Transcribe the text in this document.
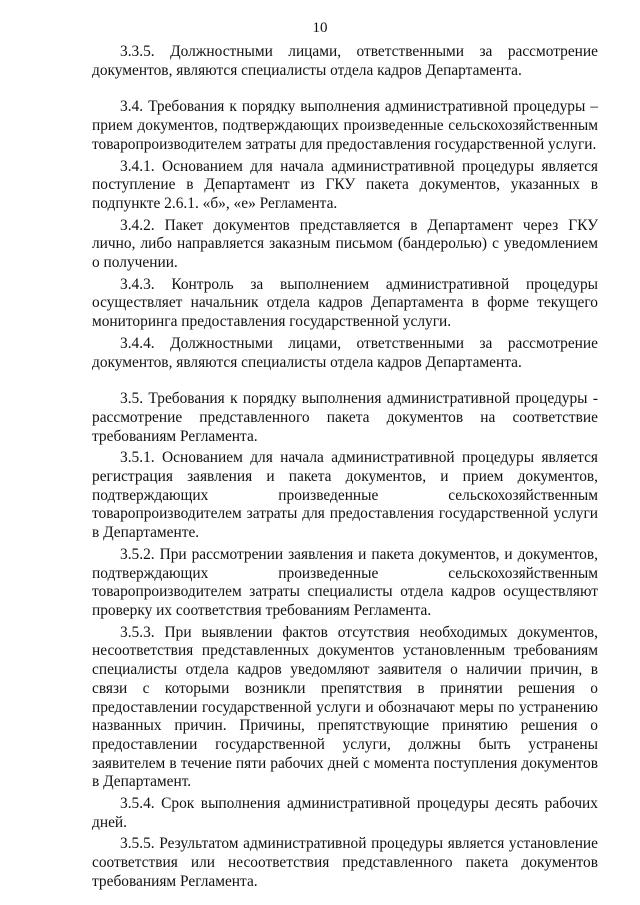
10

3.3.5. Должностными лицами, ответственными за рассмотрение документов, являются специалисты отдела кадров Департамента.

3.4. Требования к порядку выполнения административной процедуры – прием документов, подтверждающих произведенные сельскохозяйственным товаропроизводителем затраты для предоставления государственной услуги.

3.4.1. Основанием для начала административной процедуры является поступление в Департамент из ГКУ пакета документов, указанных в подпункте 2.6.1. «б», «е» Регламента.

3.4.2. Пакет документов представляется в Департамент через ГКУ лично, либо направляется заказным письмом (бандеролью) с уведомлением о получении.

3.4.3. Контроль за выполнением административной процедуры осуществляет начальник отдела кадров Департамента в форме текущего мониторинга предоставления государственной услуги.

3.4.4. Должностными лицами, ответственными за рассмотрение документов, являются специалисты отдела кадров Департамента.

3.5. Требования к порядку выполнения административной процедуры - рассмотрение представленного пакета документов на соответствие требованиям Регламента.

3.5.1. Основанием для начала административной процедуры является регистрация заявления и пакета документов, и прием документов, подтверждающих произведенные сельскохозяйственным товаропроизводителем затраты для предоставления государственной услуги в Департаменте.

3.5.2. При рассмотрении заявления и пакета документов, и документов, подтверждающих произведенные сельскохозяйственным товаропроизводителем затраты специалисты отдела кадров осуществляют проверку их соответствия требованиям Регламента.

3.5.3. При выявлении фактов отсутствия необходимых документов, несоответствия представленных документов установленным требованиям специалисты отдела кадров уведомляют заявителя о наличии причин, в связи с которыми возникли препятствия в принятии решения о предоставлении государственной услуги и обозначают меры по устранению названных причин. Причины, препятствующие принятию решения о предоставлении государственной услуги, должны быть устранены заявителем в течение пяти рабочих дней с момента поступления документов в Департамент.

3.5.4. Срок выполнения административной процедуры десять рабочих дней.

3.5.5. Результатом административной процедуры является установление соответствия или несоответствия представленного пакета документов требованиям Регламента.
